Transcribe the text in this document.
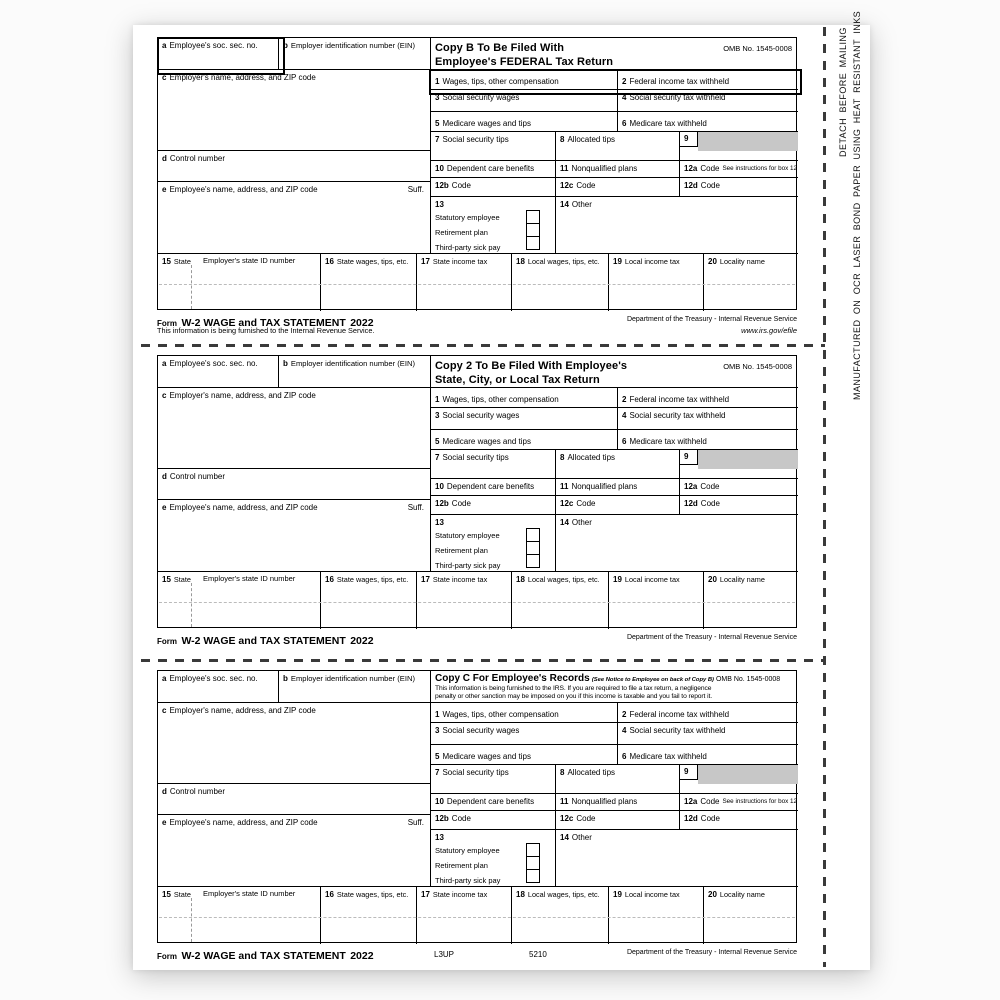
a Employee's soc. sec. no.	b Employer identification number (EIN)	Copy B To Be Filed With
Employee's FEDERAL Tax Return
OMB No. 1545-0008
c Employer's name, address, and ZIP code
d Control number
e Employee's name, address, and ZIP code	Suff.
1 Wages, tips, other compensation	2 Federal income tax withheld
3 Social security wages	4 Social security tax withheld
5 Medicare wages and tips	6 Medicare tax withheld
7 Social security tips	8 Allocated tips	9
10 Dependent care benefits	11 Nonqualified plans	12a Code See instructions for box 12
12b Code	12c Code	12d Code
13
Statutory employee
Retirement plan
Third-party sick pay
14 Other
15 State Employer's state ID number	16 State wages, tips, etc.	17 State income tax	18 Local wages, tips, etc.	19 Local income tax	20 Locality name
Form W-2 WAGE and TAX STATEMENT 2022
This information is being furnished to the Internal Revenue Service.
Department of the Treasury - Internal Revenue Service
www.irs.gov/efile
a Employee's soc. sec. no.	b Employer identification number (EIN)	Copy 2 To Be Filed With Employee's
State, City, or Local Tax Return
OMB No. 1545-0008
c Employer's name, address, and ZIP code
d Control number
e Employee's name, address, and ZIP code	Suff.
1 Wages, tips, other compensation	2 Federal income tax withheld
3 Social security wages	4 Social security tax withheld
5 Medicare wages and tips	6 Medicare tax withheld
7 Social security tips	8 Allocated tips	9
10 Dependent care benefits	11 Nonqualified plans	12a Code
12b Code	12c Code	12d Code
13
Statutory employee
Retirement plan
Third-party sick pay
14 Other
15 State Employer's state ID number	16 State wages, tips, etc.	17 State income tax	18 Local wages, tips, etc.	19 Local income tax	20 Locality name
Form W-2 WAGE and TAX STATEMENT 2022	Department of the Treasury - Internal Revenue Service
a Employee's soc. sec. no.	b Employer identification number (EIN)	Copy C For Employee's Records (See Notice to Employee on back of Copy B) OMB No. 1545-0008
This information is being furnished to the IRS. If you are required to file a tax return, a negligence
penalty or other sanction may be imposed on you if this income is taxable and you fail to report it.
c Employer's name, address, and ZIP code
d Control number
e Employee's name, address, and ZIP code	Suff.
1 Wages, tips, other compensation	2 Federal income tax withheld
3 Social security wages	4 Social security tax withheld
5 Medicare wages and tips	6 Medicare tax withheld
7 Social security tips	8 Allocated tips	9
10 Dependent care benefits	11 Nonqualified plans	12a Code See instructions for box 12
12b Code	12c Code	12d Code
13
Statutory employee
Retirement plan
Third-party sick pay
14 Other
15 State Employer's state ID number	16 State wages, tips, etc.	17 State income tax	18 Local wages, tips, etc.	19 Local income tax	20 Locality name
Form W-2 WAGE and TAX STATEMENT 2022	L3UP	5210	Department of the Treasury - Internal Revenue Service
DETACH BEFORE MAILING MANUFACTURED ON OCR LASER BOND PAPER USING HEAT RESISTANT INKS
